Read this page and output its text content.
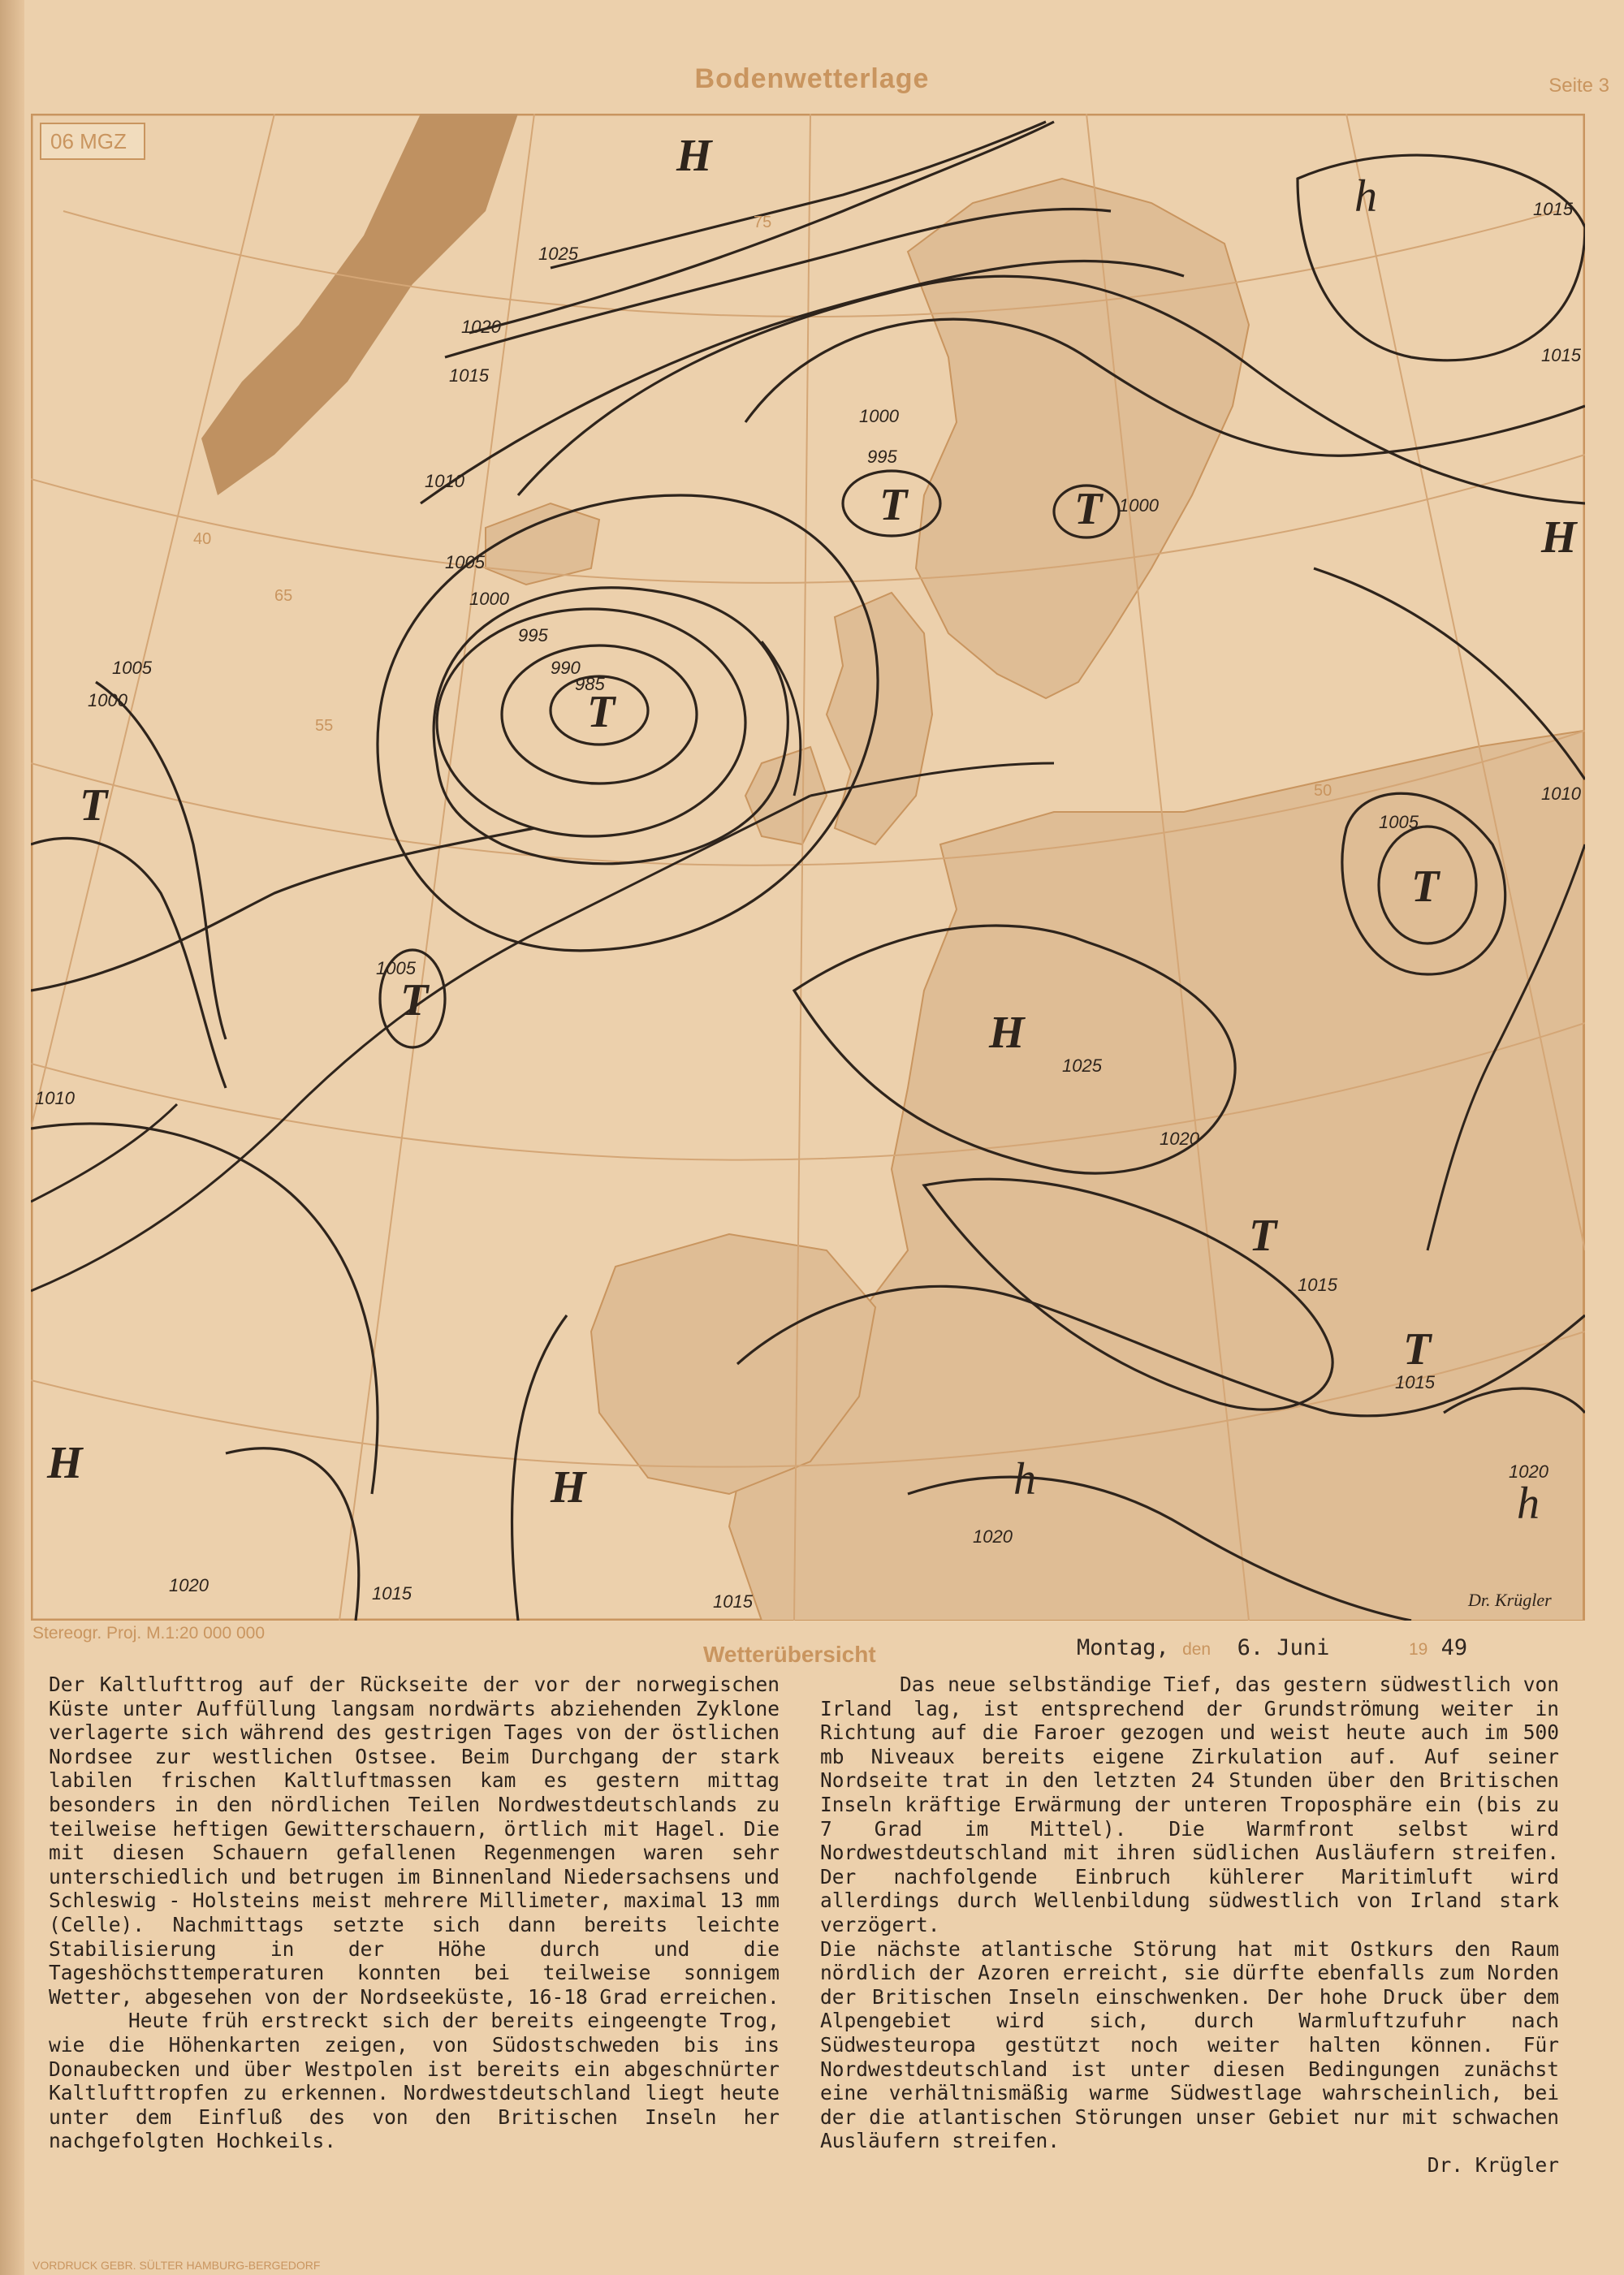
Bodenwetterlage	Seite 3
H
H
H
H	H
T
T	T
T
T
T
T
T
h
h	h
985
990
995
1000
1005
1010
1015
1020
1025
1000
995
1000
1015
1015
1010
1005
1025
1020
1015
1015
1020
1020
1015
1015
1020
1010
1005
1005
1000
75
65
55
50
40
06 MGZ
Dr. Krügler
Stereogr. Proj. M.1:20 000 000
Wetterübersicht	Montag, den 6. Juni	19 49

Der Kaltlufttrog auf der Rückseite der vor der norwegischen Küste unter Auffüllung langsam nordwärts abziehenden Zyklone verlagerte sich während des gestrigen Tages von der östlichen Nordsee zur westlichen Ostsee. Beim Durchgang der stark labilen frischen Kaltluftmassen kam es gestern mittag besonders in den nördlichen Teilen Nordwestdeutschlands zu teilweise heftigen Gewitterschauern, örtlich mit Hagel. Die mit diesen Schauern gefallenen Regenmengen waren sehr unterschiedlich und betrugen im Binnenland Niedersachsens und Schleswig - Holsteins meist mehrere Millimeter, maximal 13 mm (Celle). Nachmittags setzte sich dann bereits leichte Stabilisierung in der Höhe durch und die Tageshöchsttemperaturen konnten bei teilweise sonnigem Wetter, abgesehen von der Nordseeküste, 16-18 Grad erreichen.

Heute früh erstreckt sich der bereits eingeengte Trog, wie die Höhenkarten zeigen, von Südostschweden bis ins Donaubecken und über Westpolen ist bereits ein abgeschnürter Kaltlufttropfen zu erkennen. Nordwestdeutschland liegt heute unter dem Einfluß des von den Britischen Inseln her nachgefolgten Hochkeils.

Das neue selbständige Tief, das gestern südwestlich von Irland lag, ist entsprechend der Grundströmung weiter in Richtung auf die Faroer gezogen und weist heute auch im 500 mb Niveaux bereits eigene Zirkulation auf. Auf seiner Nordseite trat in den letzten 24 Stunden über den Britischen Inseln kräftige Erwärmung der unteren Troposphäre ein (bis zu 7 Grad im Mittel). Die Warmfront selbst wird Nordwestdeutschland mit ihren südlichen Ausläufern streifen. Der nachfolgende Einbruch kühlerer Maritimluft wird allerdings durch Wellenbildung südwestlich von Irland stark verzögert.

Die nächste atlantische Störung hat mit Ostkurs den Raum nördlich der Azoren erreicht, sie dürfte ebenfalls zum Norden der Britischen Inseln einschwenken. Der hohe Druck über dem Alpengebiet wird sich, durch Warmluftzufuhr nach Südwesteuropa gestützt noch weiter halten können. Für Nordwestdeutschland ist unter diesen Bedingungen zunächst eine verhältnismäßig warme Südwestlage wahrscheinlich, bei der die atlantischen Störungen unser Gebiet nur mit schwachen Ausläufern streifen.

Dr. Krügler

VORDRUCK GEBR. SÜLTER HAMBURG-BERGEDORF
